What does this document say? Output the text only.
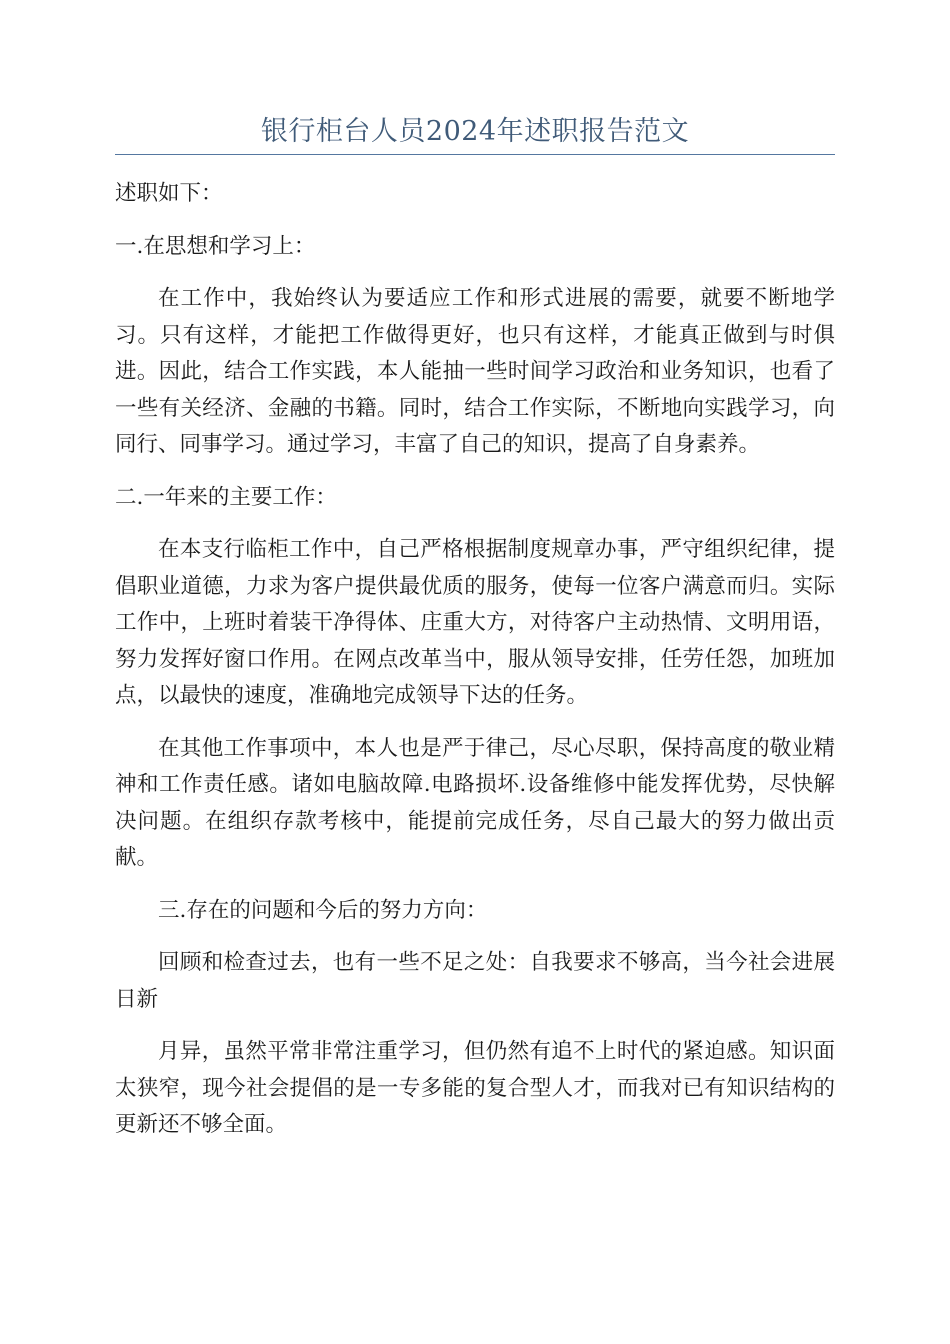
银行柜台人员2024年述职报告范文

述职如下：

一.在思想和学习上：

在工作中，我始终认为要适应工作和形式进展的需要，就要不断地学习。只有这样，才能把工作做得更好，也只有这样，才能真正做到与时俱进。因此，结合工作实践，本人能抽一些时间学习政治和业务知识，也看了一些有关经济、金融的书籍。同时，结合工作实际，不断地向实践学习，向同行、同事学习。通过学习，丰富了自己的知识，提高了自身素养。

二.一年来的主要工作：

在本支行临柜工作中，自己严格根据制度规章办事，严守组织纪律，提倡职业道德，力求为客户提供最优质的服务，使每一位客户满意而归。实际工作中，上班时着装干净得体、庄重大方，对待客户主动热情、文明用语，努力发挥好窗口作用。在网点改革当中，服从领导安排，任劳任怨，加班加点，以最快的速度，准确地完成领导下达的任务。

在其他工作事项中，本人也是严于律己，尽心尽职，保持高度的敬业精神和工作责任感。诸如电脑故障.电路损坏.设备维修中能发挥优势，尽快解决问题。在组织存款考核中，能提前完成任务，尽自己最大的努力做出贡献。

三.存在的问题和今后的努力方向：

回顾和检查过去，也有一些不足之处：自我要求不够高，当今社会进展日新

月异，虽然平常非常注重学习，但仍然有追不上时代的紧迫感。知识面太狭窄，现今社会提倡的是一专多能的复合型人才，而我对已有知识结构的更新还不够全面。
